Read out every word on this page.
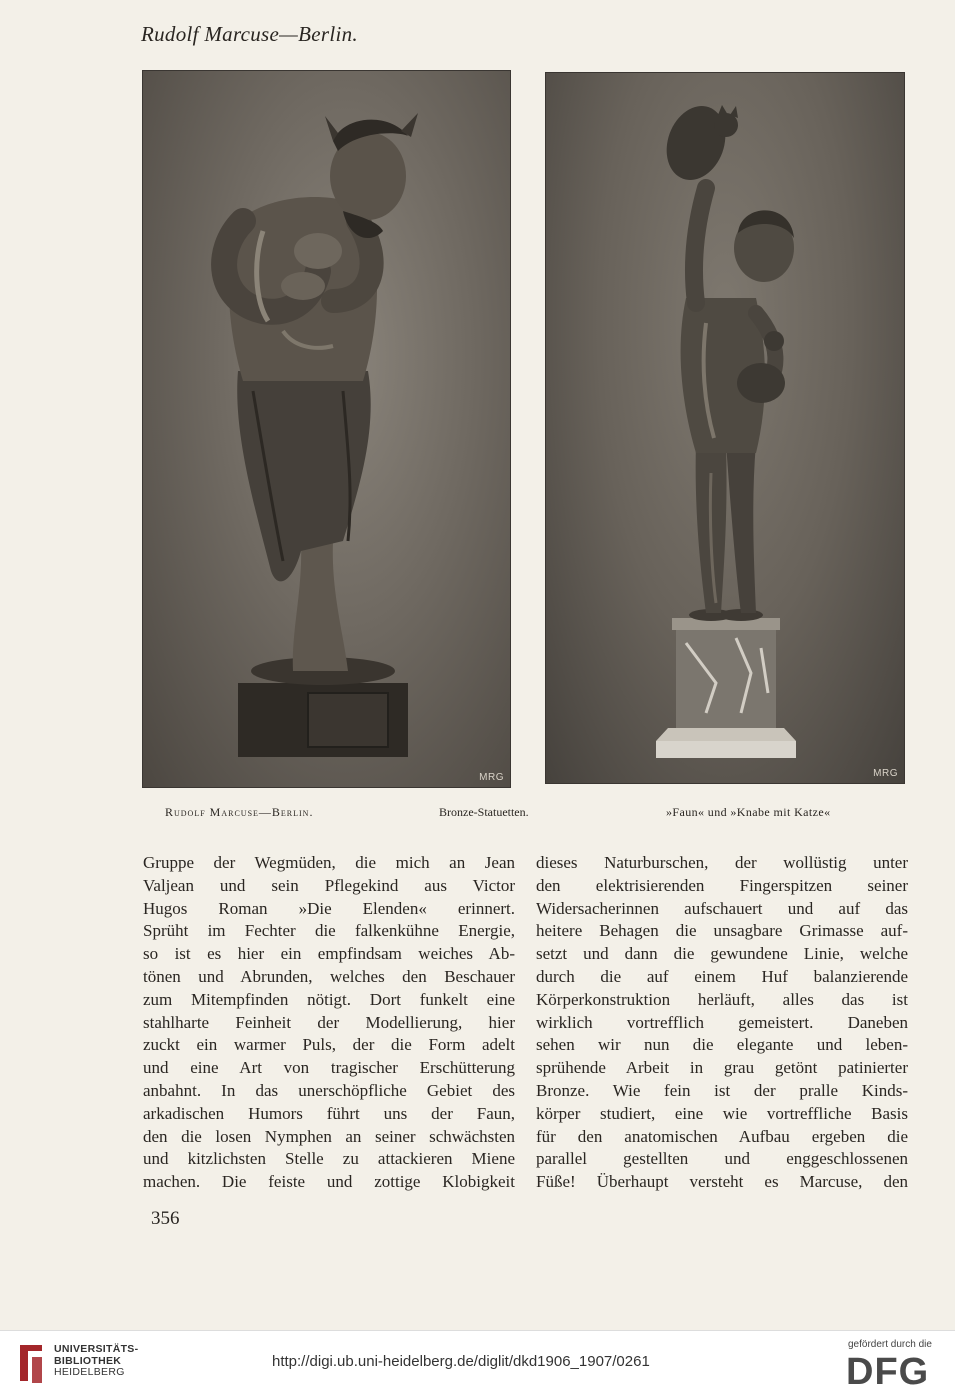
Rudolf Marcuse—Berlin.
MRG	MRG
Rudolf Marcuse—Berlin.	Bronze-Statuetten.	»Faun« und »Knabe mit Katze«
Gruppe der Wegmüden, die mich an Jean
Valjean und sein Pflegekind aus Victor
Hugos Roman »Die Elenden« erinnert.
Sprüht im Fechter die falkenkühne Energie,
so ist es hier ein empfindsam weiches Ab-
tönen und Abrunden, welches den Beschauer
zum Mitempfinden nötigt. Dort funkelt eine
stahlharte Feinheit der Modellierung, hier
zuckt ein warmer Puls, der die Form adelt
und eine Art von tragischer Erschütterung
anbahnt. In das unerschöpfliche Gebiet des
arkadischen Humors führt uns der Faun,
den die losen Nymphen an seiner schwächsten
und kitzlichsten Stelle zu attackieren Miene
machen. Die feiste und zottige Klobigkeit
dieses Naturburschen, der wollüstig unter
den elektrisierenden Fingerspitzen seiner
Widersacherinnen aufschauert und auf das
heitere Behagen die unsagbare Grimasse auf-
setzt und dann die gewundene Linie, welche
durch die auf einem Huf balanzierende
Körperkonstruktion herläuft, alles das ist
wirklich vortrefflich gemeistert. Daneben
sehen wir nun die elegante und leben-
sprühende Arbeit in grau getönt patinierter
Bronze. Wie fein ist der pralle Kinds-
körper studiert, eine wie vortreffliche Basis
für den anatomischen Aufbau ergeben die
parallel gestellten und enggeschlossenen
Füße! Überhaupt versteht es Marcuse, den
356
UNIVERSITÄTS-
BIBLIOTHEK
HEIDELBERG
http://digi.ub.uni-heidelberg.de/diglit/dkd1906_1907/0261
gefördert durch die
DFG
